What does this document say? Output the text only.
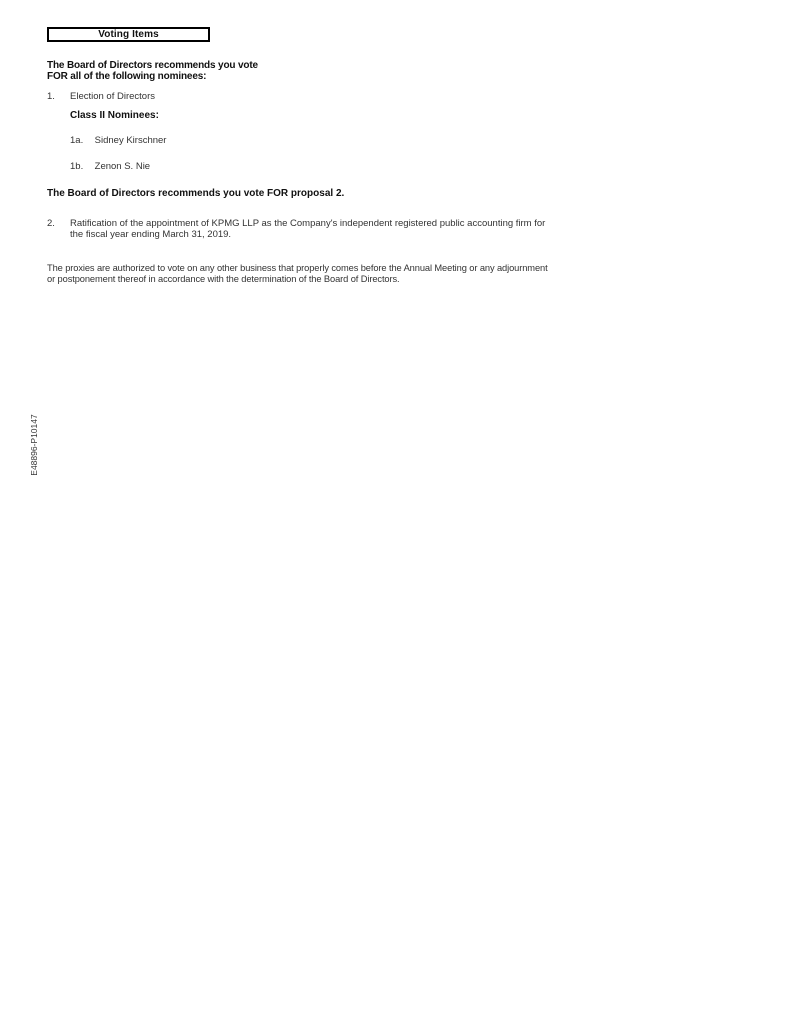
Voting Items
The Board of Directors recommends you vote
FOR all of the following nominees:
1. Election of Directors
Class II Nominees:
1a. Sidney Kirschner
1b. Zenon S. Nie
The Board of Directors recommends you vote FOR proposal 2.
2. Ratification of the appointment of KPMG LLP as the Company's independent registered public accounting firm for
the fiscal year ending March 31, 2019.
The proxies are authorized to vote on any other business that properly comes before the Annual Meeting or any adjournment
or postponement thereof in accordance with the determination of the Board of Directors.
E48896-P10147
